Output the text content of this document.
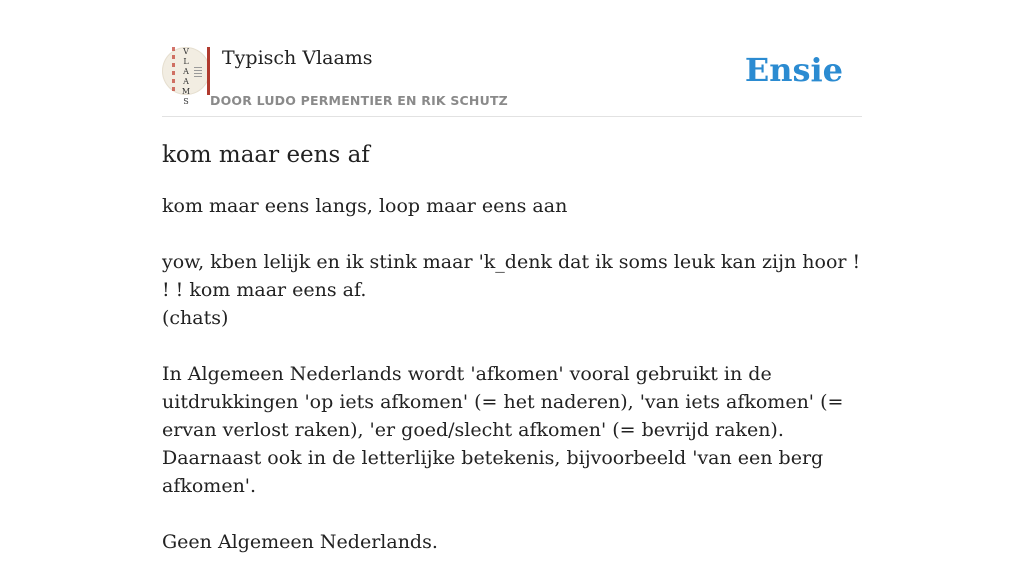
V
L
A
A
M
S
Typisch Vlaams
DOOR LUDO PERMENTIER EN RIK SCHUTZ
Ensie
kom maar eens af

kom maar eens langs, loop maar eens aan

yow, kben lelijk en ik stink maar 'k_denk dat ik soms leuk kan zijn hoor ! ! ! kom maar eens af.
(chats)

In Algemeen Nederlands wordt 'afkomen' vooral gebruikt in de uitdrukkingen 'op iets afkomen' (= het naderen), 'van iets afkomen' (= ervan verlost raken), 'er goed/slecht afkomen' (= bevrijd raken). Daarnaast ook in de letterlijke betekenis, bijvoorbeeld 'van een berg afkomen'.

Geen Algemeen Nederlands.
